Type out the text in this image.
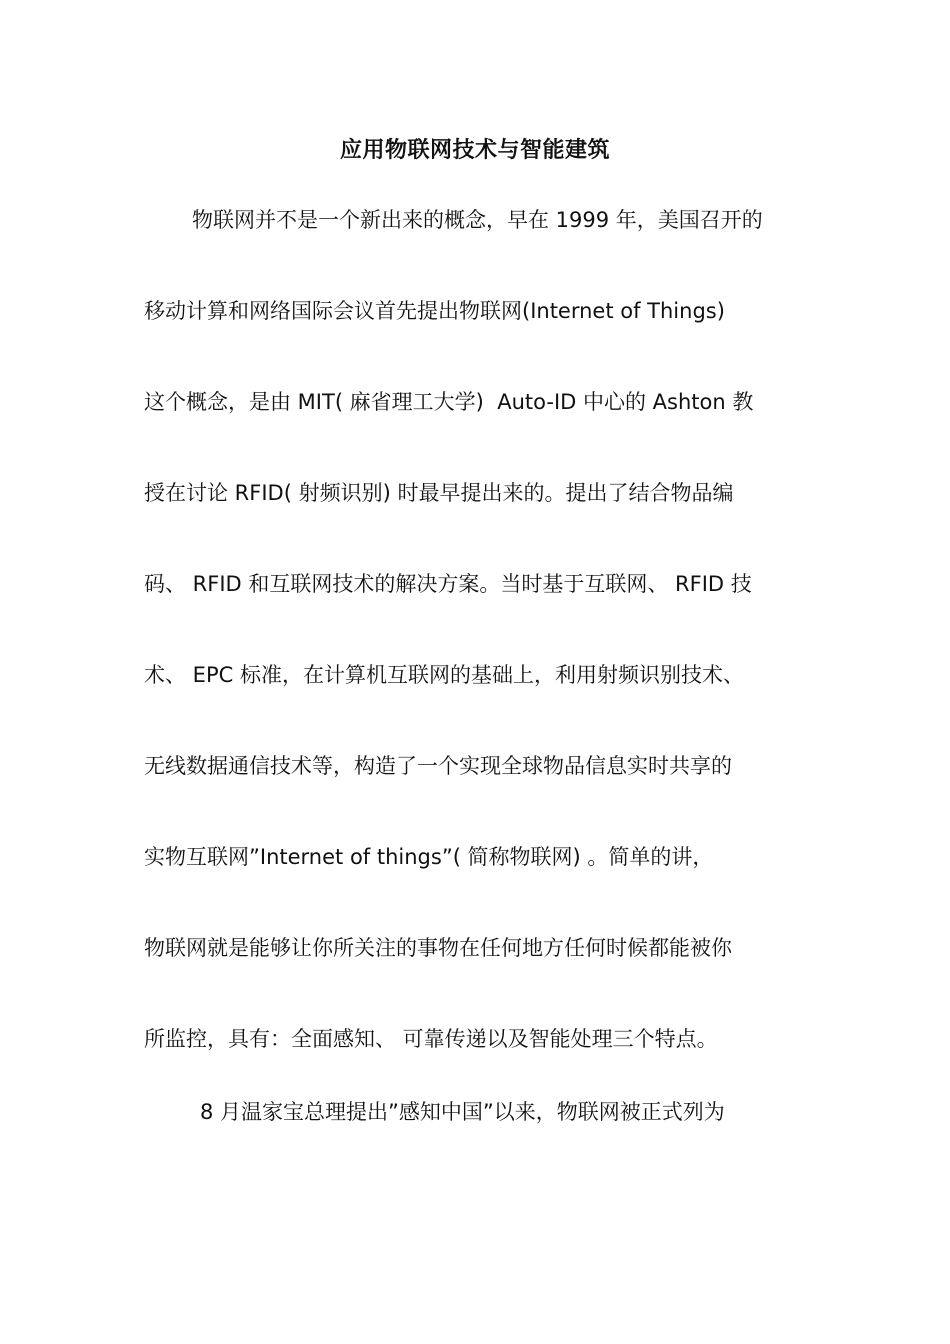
应用物联网技术与智能建筑
物联网并不是一个新出来的概念，早在 1999 年，美国召开的
移动计算和网络国际会议首先提出物联网(Internet of Things)
这个概念，是由 MIT( 麻省理工大学)  Auto-ID 中心的 Ashton 教
授在讨论 RFID( 射频识别) 时最早提出来的。提出了结合物品编
码、 RFID 和互联网技术的解决方案。当时基于互联网、 RFID 技
术、 EPC 标准，在计算机互联网的基础上，利用射频识别技术、
无线数据通信技术等，构造了一个实现全球物品信息实时共享的
实物互联网”Internet of things”( 简称物联网) 。简单的讲，
物联网就是能够让你所关注的事物在任何地方任何时候都能被你
所监控，具有：全面感知、 可靠传递以及智能处理三个特点。
8 月温家宝总理提出”感知中国”以来，物联网被正式列为
